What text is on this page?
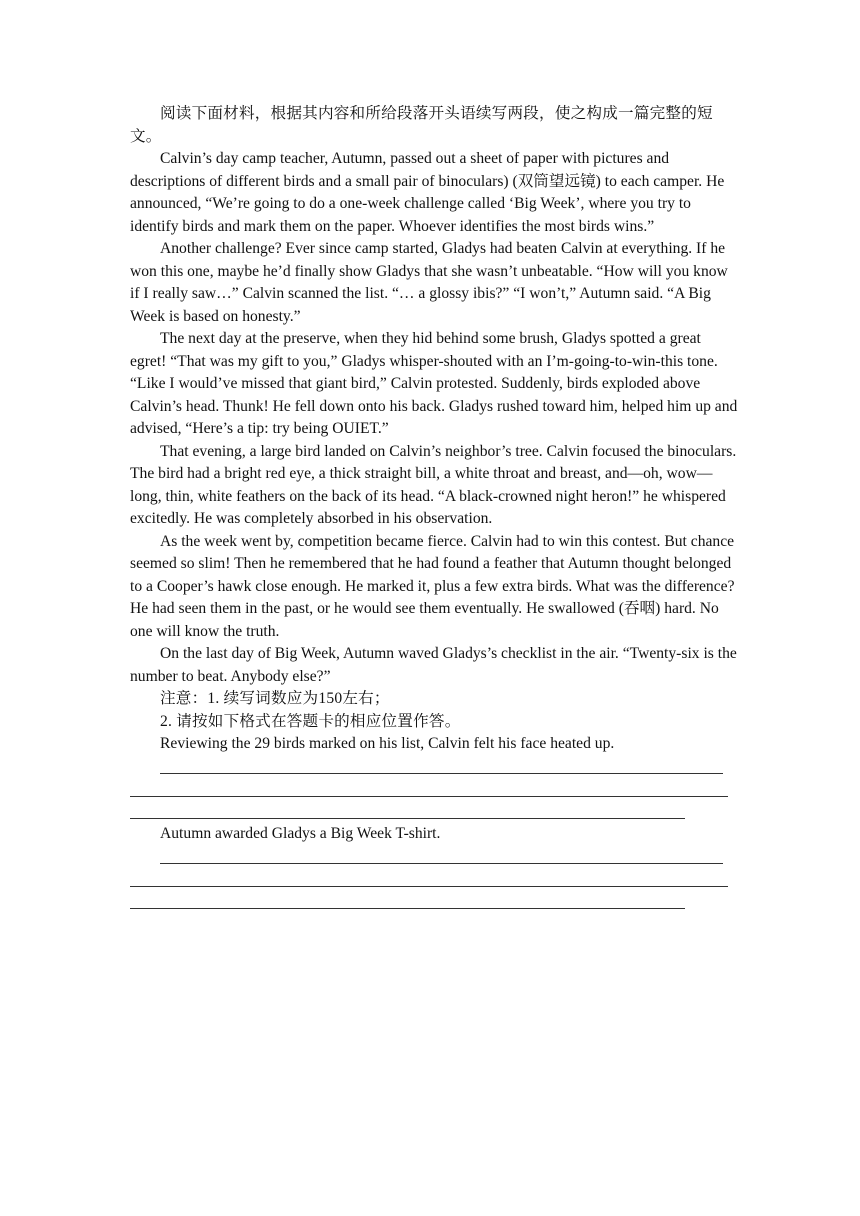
阅读下面材料，根据其内容和所给段落开头语续写两段，使之构成一篇完整的短文。

Calvin’s day camp teacher, Autumn, passed out a sheet of paper with pictures and descriptions of different birds and a small pair of binoculars) (双筒望远镜) to each camper. He announced, “We’re going to do a one-week challenge called ‘Big Week’, where you try to identify birds and mark them on the paper. Whoever identifies the most birds wins.”

Another challenge? Ever since camp started, Gladys had beaten Calvin at everything. If he won this one, maybe he’d finally show Gladys that she wasn’t unbeatable. “How will you know if I really saw…” Calvin scanned the list. “… a glossy ibis?” “I won’t,” Autumn said. “A Big Week is based on honesty.”

The next day at the preserve, when they hid behind some brush, Gladys spotted a great egret! “That was my gift to you,” Gladys whisper-shouted with an I’m-going-to-win-this tone. “Like I would’ve missed that giant bird,” Calvin protested. Suddenly, birds exploded above Calvin’s head. Thunk! He fell down onto his back. Gladys rushed toward him, helped him up and advised, “Here’s a tip: try being OUIET.”

That evening, a large bird landed on Calvin’s neighbor’s tree. Calvin focused the binoculars. The bird had a bright red eye, a thick straight bill, a white throat and breast, and—oh, wow—long, thin, white feathers on the back of its head. “A black-crowned night heron!” he whispered excitedly. He was completely absorbed in his observation.

As the week went by, competition became fierce. Calvin had to win this contest. But chance seemed so slim! Then he remembered that he had found a feather that Autumn thought belonged to a Cooper’s hawk close enough. He marked it, plus a few extra birds. What was the difference? He had seen them in the past, or he would see them eventually. He swallowed (吞咽) hard. No one will know the truth.

On the last day of Big Week, Autumn waved Gladys’s checklist in the air. “Twenty-six is the number to beat. Anybody else?”

注意：1. 续写词数应为150左右；

2. 请按如下格式在答题卡的相应位置作答。

Reviewing the 29 birds marked on his list, Calvin felt his face heated up.

Autumn awarded Gladys a Big Week T-shirt.
